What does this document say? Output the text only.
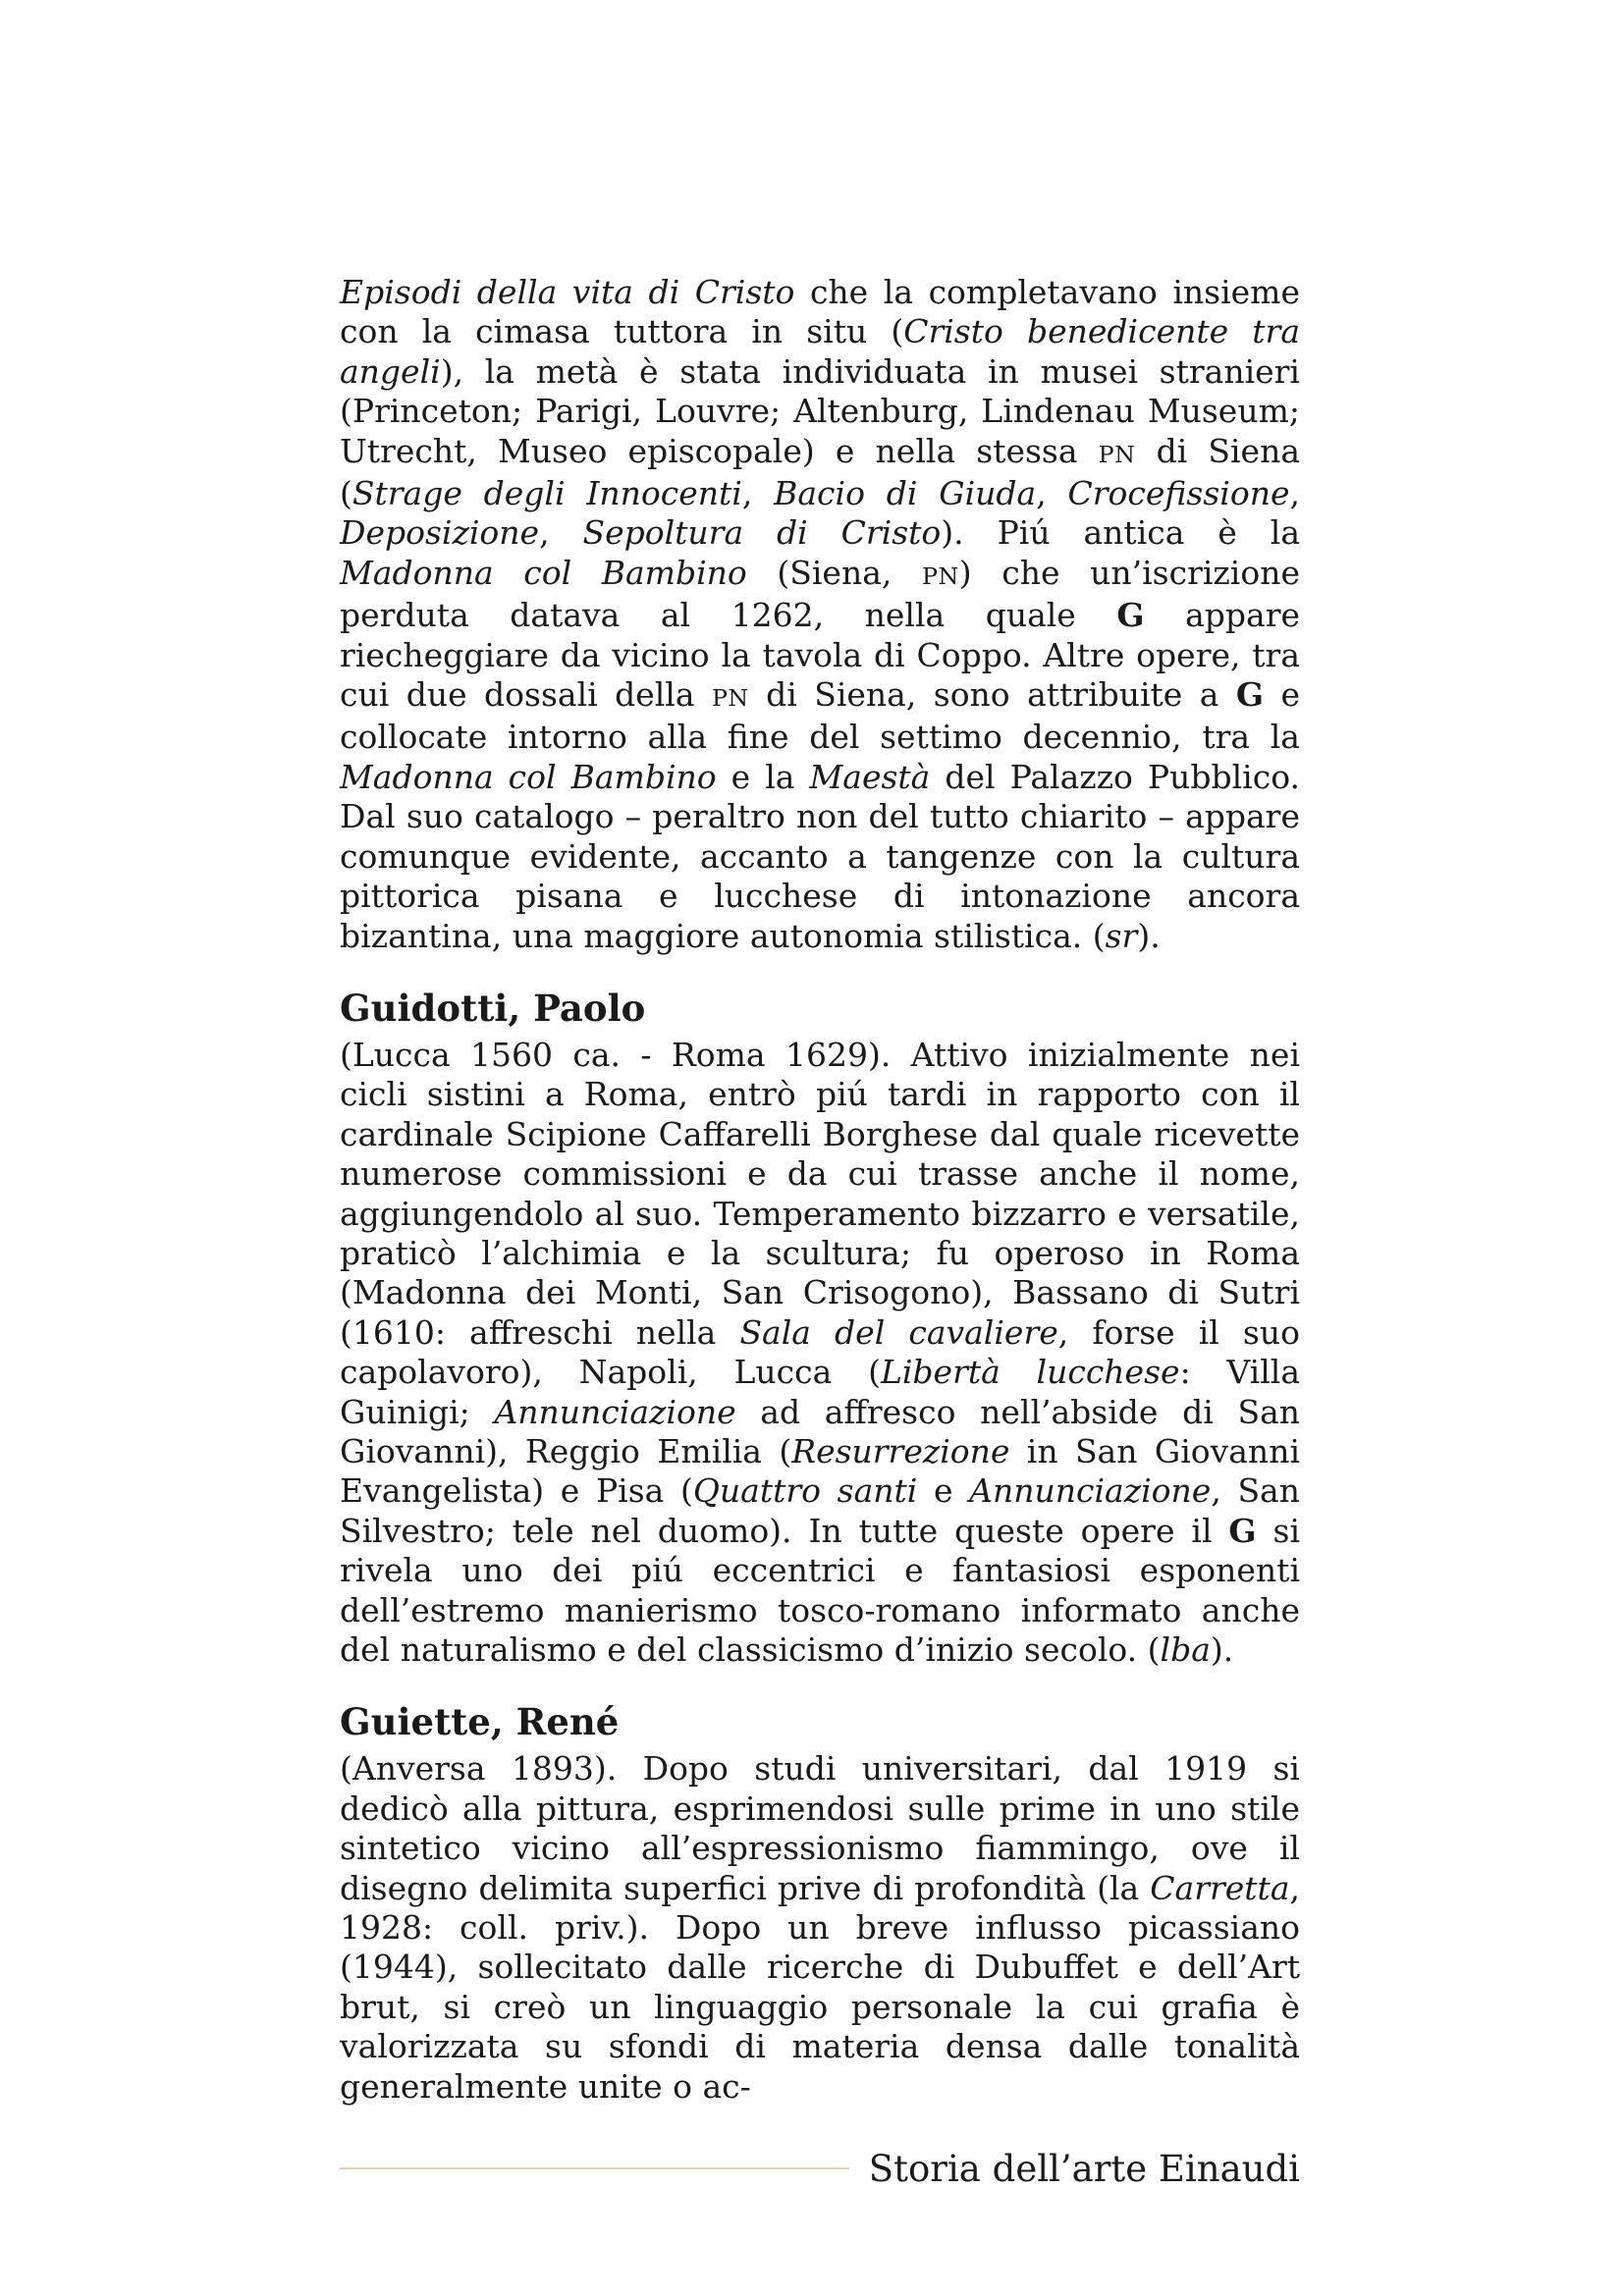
Episodi della vita di Cristo che la completavano insieme con la cimasa tuttora in situ (Cristo benedicente tra angeli), la metà è stata individuata in musei stranieri (Princeton; Parigi, Louvre; Altenburg, Lindenau Museum; Utrecht, Museo episcopale) e nella stessa PN di Siena (Strage degli Innocenti, Bacio di Giuda, Crocefissione, Deposizione, Sepoltura di Cristo). Piú antica è la Madonna col Bambino (Siena, PN) che un’iscrizione perduta datava al 1262, nella quale G appare riecheggiare da vicino la tavola di Coppo. Altre opere, tra cui due dossali della PN di Siena, sono attribuite a G e collocate intorno alla fine del settimo decennio, tra la Madonna col Bambino e la Maestà del Palazzo Pubblico. Dal suo catalogo – peraltro non del tutto chiarito – appare comunque evidente, accanto a tangenze con la cultura pittorica pisana e lucchese di intonazione ancora bizantina, una maggiore autonomia stilistica. (sr).

Guidotti, Paolo

(Lucca 1560 ca. - Roma 1629). Attivo inizialmente nei cicli sistini a Roma, entrò piú tardi in rapporto con il cardinale Scipione Caffarelli Borghese dal quale ricevette numerose commissioni e da cui trasse anche il nome, aggiungendolo al suo. Temperamento bizzarro e versatile, praticò l’alchimia e la scultura; fu operoso in Roma (Madonna dei Monti, San Crisogono), Bassano di Sutri (1610: affreschi nella Sala del cavaliere, forse il suo capolavoro), Napoli, Lucca (Libertà lucchese: Villa Guinigi; Annunciazione ad affresco nell’abside di San Giovanni), Reggio Emilia (Resurrezione in San Giovanni Evangelista) e Pisa (Quattro santi e Annunciazione, San Silvestro; tele nel duomo). In tutte queste opere il G si rivela uno dei piú eccentrici e fantasiosi esponenti dell’estremo manierismo tosco-romano informato anche del naturalismo e del classicismo d’inizio secolo. (lba).

Guiette, René

(Anversa 1893). Dopo studi universitari, dal 1919 si dedicò alla pittura, esprimendosi sulle prime in uno stile sintetico vicino all’espressionismo fiammingo, ove il disegno delimita superfici prive di profondità (la Carretta, 1928: coll. priv.). Dopo un breve influsso picassiano (1944), sollecitato dalle ricerche di Dubuffet e dell’Art brut, si creò un linguaggio personale la cui grafia è valorizzata su sfondi di materia densa dalle tonalità generalmente unite o ac-

Storia dell’arte Einaudi
